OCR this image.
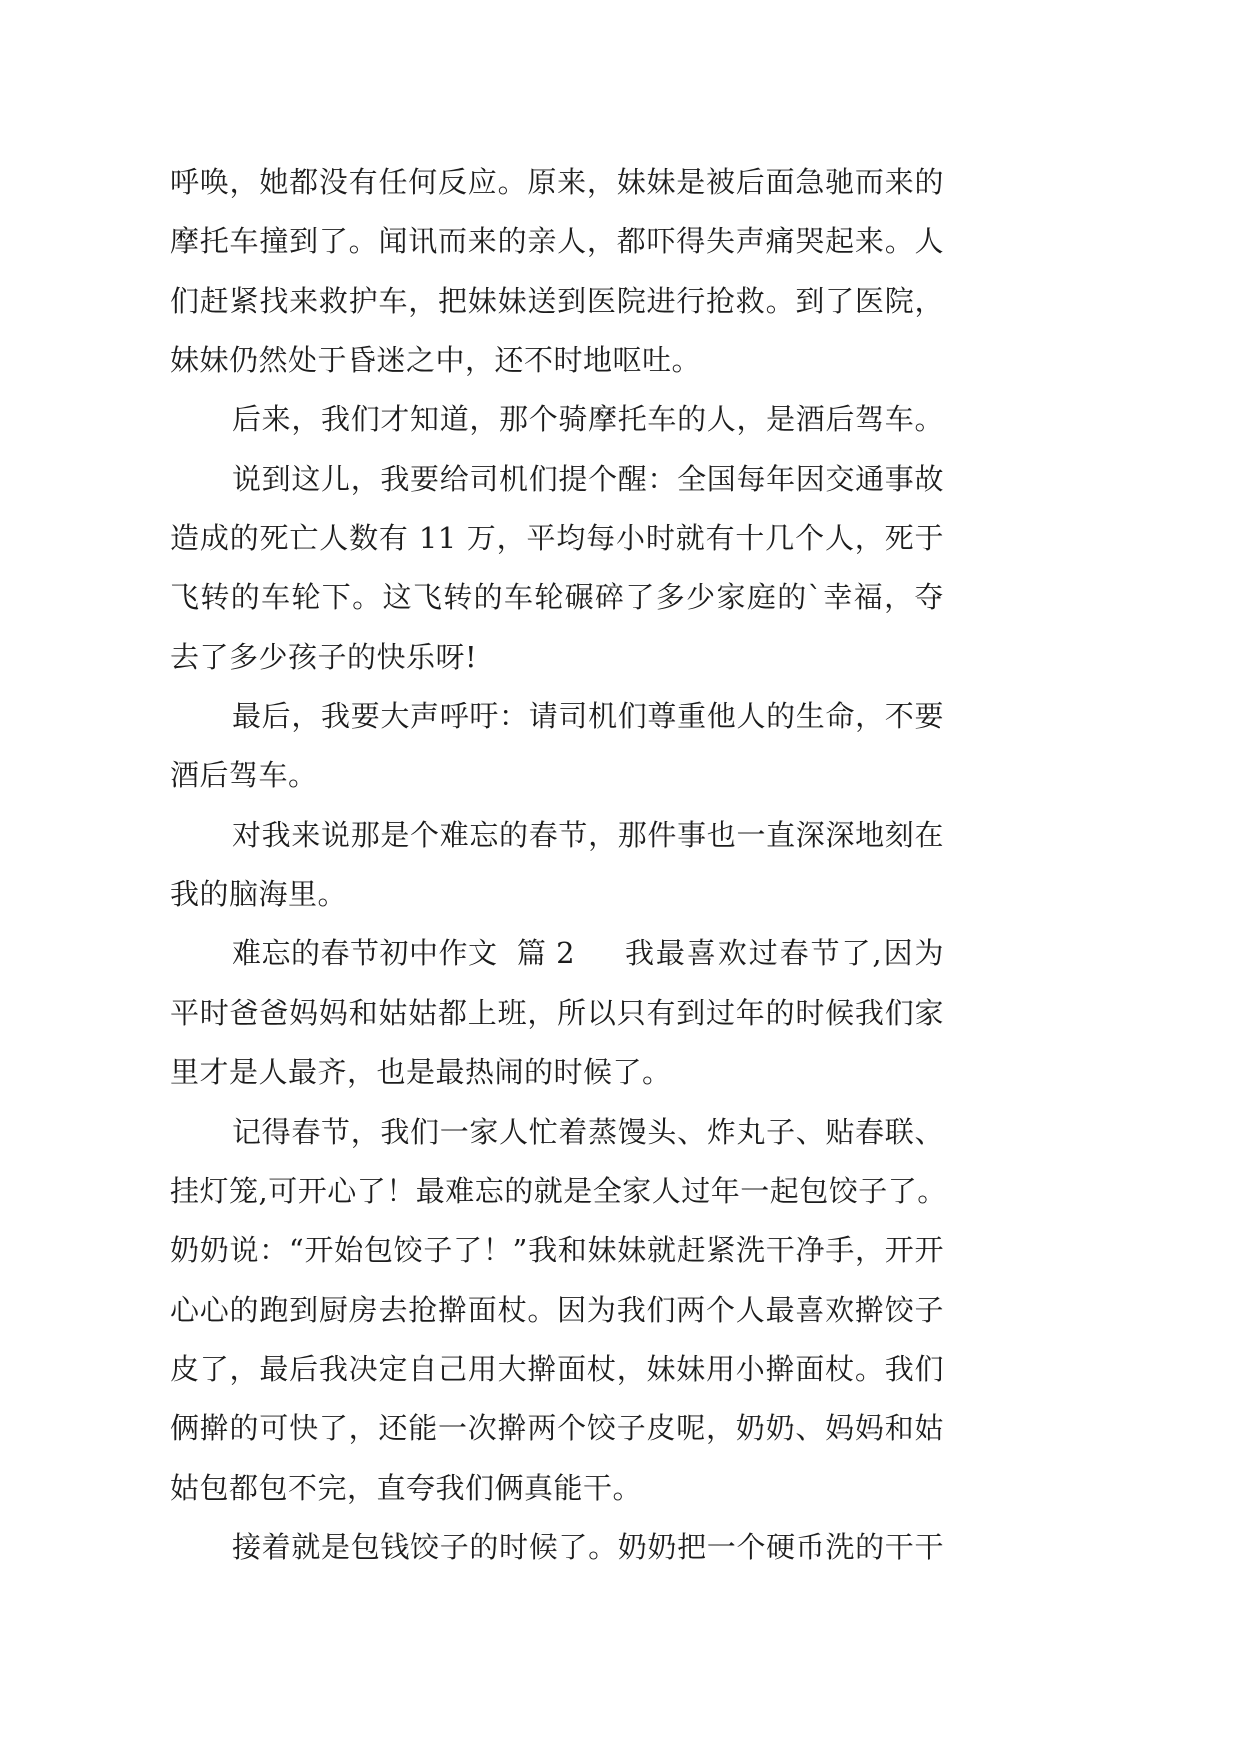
呼唤，她都没有任何反应。原来，妹妹是被后面急驰而来的
摩托车撞到了。闻讯而来的亲人，都吓得失声痛哭起来。人
们赶紧找来救护车，把妹妹送到医院进行抢救。到了医院，
妹妹仍然处于昏迷之中，还不时地呕吐。
后来，我们才知道，那个骑摩托车的人，是酒后驾车。
说到这儿，我要给司机们提个醒：全国每年因交通事故
造成的死亡人数有 11 万，平均每小时就有十几个人，死于
飞转的车轮下。这飞转的车轮碾碎了多少家庭的`幸福，夺
去了多少孩子的快乐呀!
最后，我要大声呼吁：请司机们尊重他人的生命，不要
酒后驾车。
对我来说那是个难忘的春节，那件事也一直深深地刻在
我的脑海里。
难忘的春节初中作文  篇 2 我最喜欢过春节了,因为
平时爸爸妈妈和姑姑都上班，所以只有到过年的时候我们家
里才是人最齐，也是最热闹的时候了。
记得春节，我们一家人忙着蒸馒头、炸丸子、贴春联、
挂灯笼,可开心了！最难忘的就是全家人过年一起包饺子了。
奶奶说：“开始包饺子了！”我和妹妹就赶紧洗干净手，开开
心心的跑到厨房去抢擀面杖。因为我们两个人最喜欢擀饺子
皮了，最后我决定自己用大擀面杖，妹妹用小擀面杖。我们
俩擀的可快了，还能一次擀两个饺子皮呢，奶奶、妈妈和姑
姑包都包不完，直夸我们俩真能干。
接着就是包钱饺子的时候了。奶奶把一个硬币洗的干干
